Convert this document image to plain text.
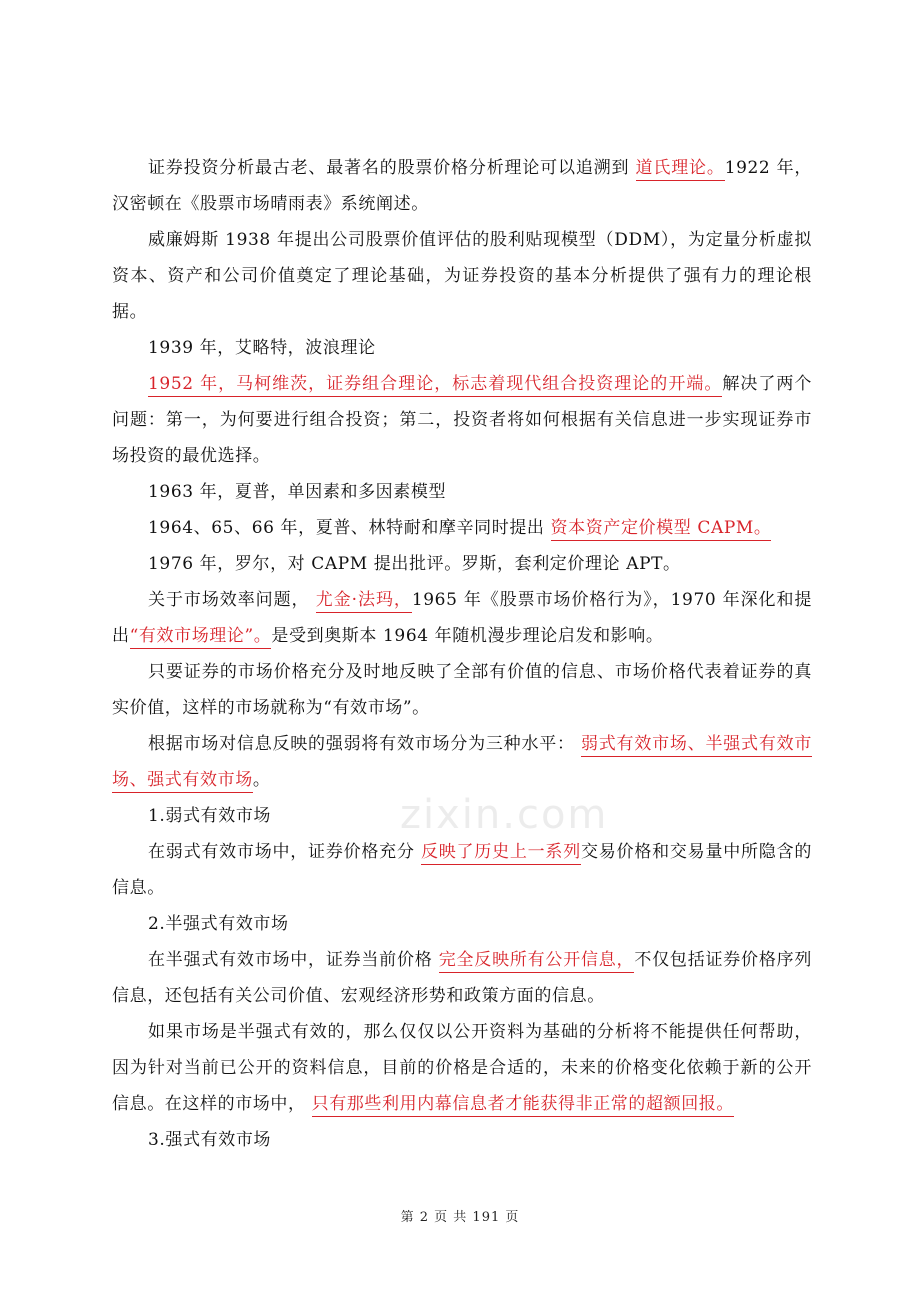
证券投资分析最古老、最著名的股票价格分析理论可以追溯到 道氏理论。1922 年，汉密顿在《股票市场晴雨表》系统阐述。

威廉姆斯 1938 年提出公司股票价值评估的股利贴现模型（DDM），为定量分析虚拟资本、资产和公司价值奠定了理论基础，为证券投资的基本分析提供了强有力的理论根据。

1939 年，艾略特，波浪理论

1952 年，马柯维茨，证券组合理论，标志着现代组合投资理论的开端。解决了两个问题：第一，为何要进行组合投资；第二，投资者将如何根据有关信息进一步实现证券市场投资的最优选择。

1963 年，夏普，单因素和多因素模型

1964、65、66 年，夏普、林特耐和摩辛同时提出 资本资产定价模型 CAPM。

1976 年，罗尔，对 CAPM 提出批评。罗斯，套利定价理论 APT。

关于市场效率问题， 尤金·法玛，1965 年《股票市场价格行为》，1970 年深化和提出“有效市场理论”。是受到奥斯本 1964 年随机漫步理论启发和影响。

只要证券的市场价格充分及时地反映了全部有价值的信息、市场价格代表着证券的真实价值，这样的市场就称为“有效市场”。

根据市场对信息反映的强弱将有效市场分为三种水平： 弱式有效市场、半强式有效市场、强式有效市场。

1.弱式有效市场

在弱式有效市场中，证券价格充分 反映了历史上一系列交易价格和交易量中所隐含的信息。

2.半强式有效市场

在半强式有效市场中，证券当前价格 完全反映所有公开信息，不仅包括证券价格序列信息，还包括有关公司价值、宏观经济形势和政策方面的信息。

如果市场是半强式有效的，那么仅仅以公开资料为基础的分析将不能提供任何帮助，因为针对当前已公开的资料信息，目前的价格是合适的，未来的价格变化依赖于新的公开信息。在这样的市场中， 只有那些利用内幕信息者才能获得非正常的超额回报。

3.强式有效市场

zixin.com
第 2 页 共 191 页
